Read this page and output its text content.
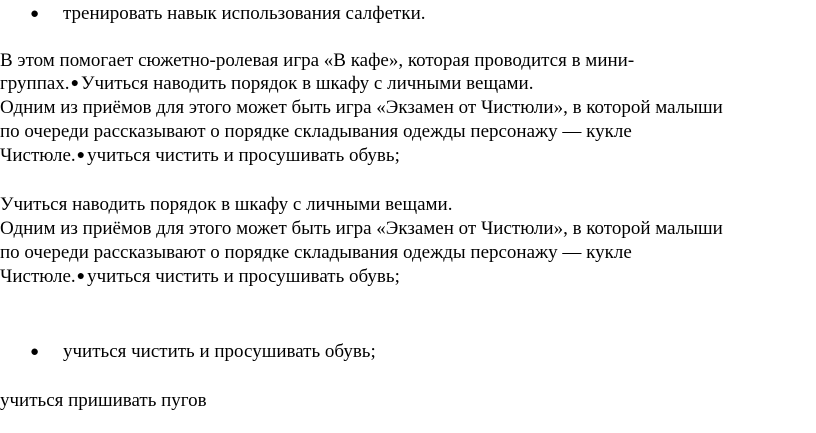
● тренировать навык использования салфетки.
В этом помогает сюжетно-ролевая игра «В кафе», которая проводится в мини-
группах.● Учиться наводить порядок в шкафу с личными вещами.
Одним из приёмов для этого может быть игра «Экзамен от Чистюли», в которой малыши
по очереди рассказывают о порядке складывания одежды персонажу — кукле
Чистюле.● учиться чистить и просушивать обувь;
Учиться наводить порядок в шкафу с личными вещами.
Одним из приёмов для этого может быть игра «Экзамен от Чистюли», в которой малыши
по очереди рассказывают о порядке складывания одежды персонажу — кукле
Чистюле.● учиться чистить и просушивать обувь;
● учиться чистить и просушивать обувь;
учиться пришивать пугов
